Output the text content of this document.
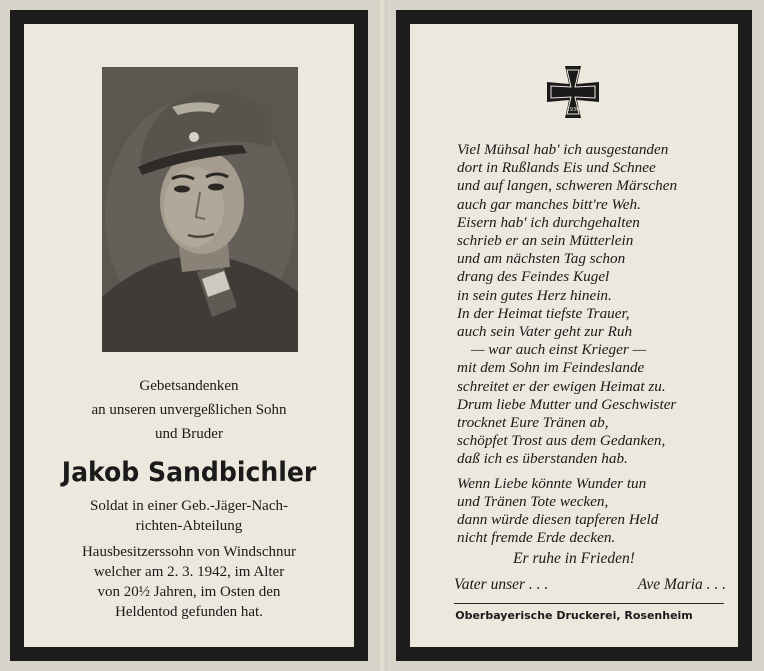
Gebetsandenken
an unseren unvergeßlichen Sohn
und Bruder
Jakob Sandbichler
Soldat in einer Geb.-Jäger-Nach-
richten-Abteilung
Hausbesitzerssohn von Windschnur
welcher am 2. 3. 1942, im Alter
von 20½ Jahren, im Osten den
Heldentod gefunden hat.
1939
Viel Mühsal hab' ich ausgestanden
dort in Rußlands Eis und Schnee
und auf langen, schweren Märschen
auch gar manches bitt're Weh.
Eisern hab' ich durchgehalten
schrieb er an sein Mütterlein
und am nächsten Tag schon
drang des Feindes Kugel
in sein gutes Herz hinein.
In der Heimat tiefste Trauer,
auch sein Vater geht zur Ruh
— war auch einst Krieger —
mit dem Sohn im Feindeslande
schreitet er der ewigen Heimat zu.
Drum liebe Mutter und Geschwister
trocknet Eure Tränen ab,
schöpfet Trost aus dem Gedanken,
daß ich es überstanden hab.
Wenn Liebe könnte Wunder tun
und Tränen Tote wecken,
dann würde diesen tapferen Held
nicht fremde Erde decken.
Er ruhe in Frieden!
Vater unser . . .	Ave Maria . . .
Oberbayerische Druckerei, Rosenheim
